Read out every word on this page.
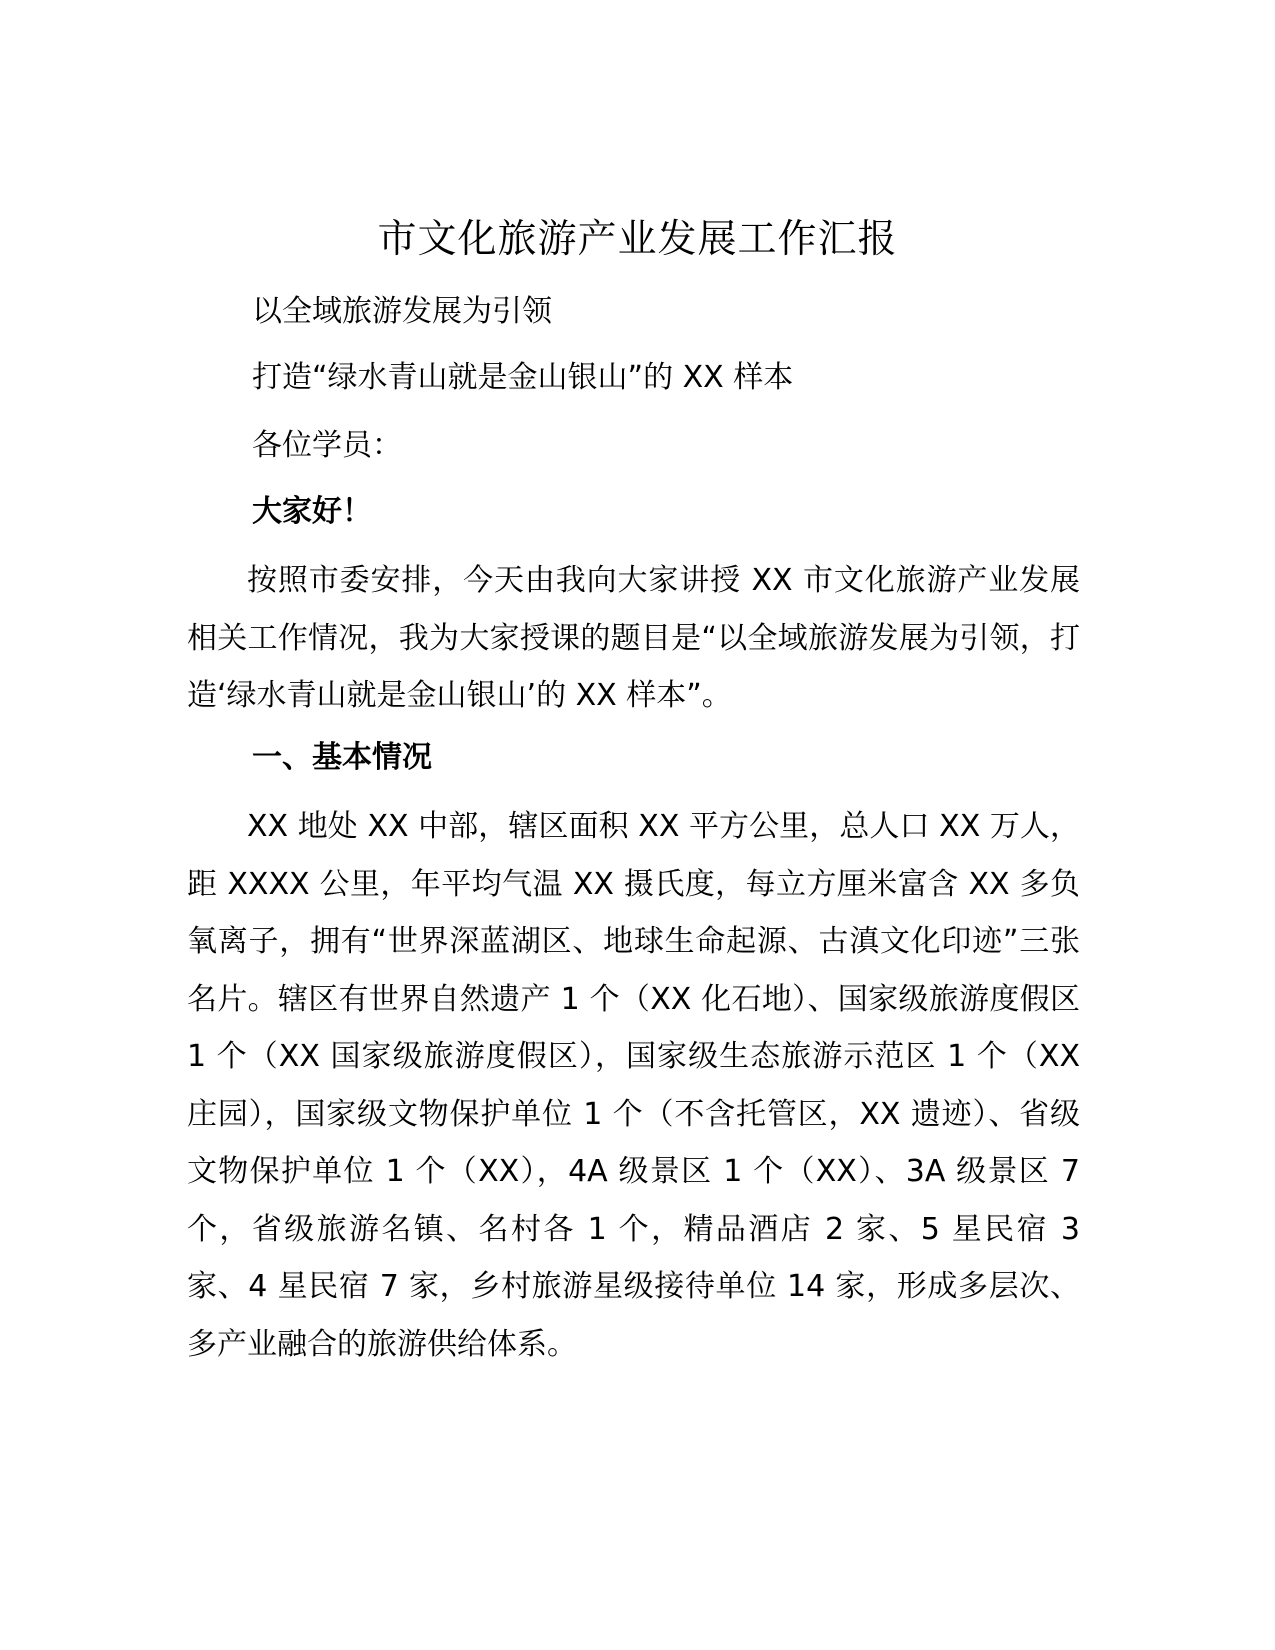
市文化旅游产业发展工作汇报
以全域旅游发展为引领
打造“绿水青山就是金山银山”的 XX 样本
各位学员：
大家好！

按照市委安排，今天由我向大家讲授 XX 市文化旅游产业发展相关工作情况，我为大家授课的题目是“以全域旅游发展为引领，打造‘绿水青山就是金山银山’的 XX 样本”。

一、基本情况

XX 地处 XX 中部，辖区面积 XX 平方公里，总人口 XX 万人，距 XXXX 公里，年平均气温 XX 摄氏度，每立方厘米富含 XX 多负氧离子，拥有“世界深蓝湖区、地球生命起源、古滇文化印迹”三张名片。辖区有世界自然遗产 1 个（XX 化石地）、国家级旅游度假区 1 个（XX 国家级旅游度假区），国家级生态旅游示范区 1 个（XX 庄园），国家级文物保护单位 1 个（不含托管区，XX 遗迹）、省级文物保护单位 1 个（XX），4A 级景区 1 个（XX）、3A 级景区 7 个，省级旅游名镇、名村各 1 个，精品酒店 2 家、5 星民宿 3 家、4 星民宿 7 家，乡村旅游星级接待单位 14 家，形成多层次、多产业融合的旅游供给体系。
